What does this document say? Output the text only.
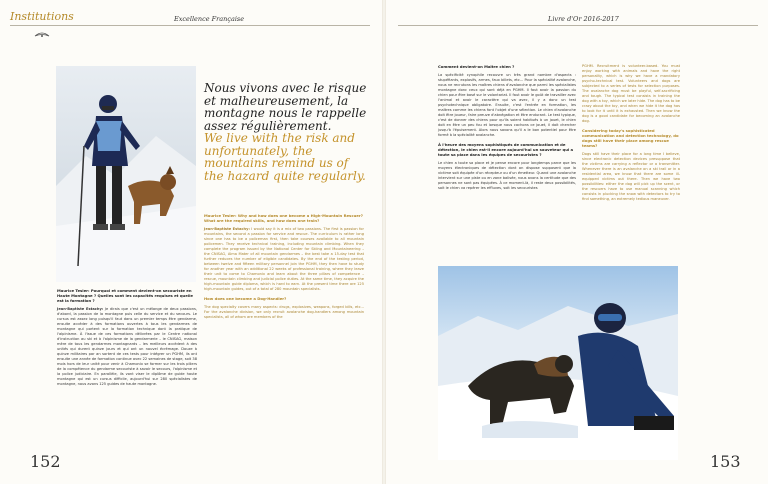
Institutions	Excellence Française	Livre d'Or 2016-2017
Nous vivons avec le risque et malheureusement, la montagne nous le rappelle assez régulièrement.
We live with the risk and unfortunately, the mountains remind us of the hazard quite regularly.
Maurice Tesler: Pourquoi et comment devient-on secouriste en Haute Montagne ? Quelles sont les capacités requises et quelle est la formation ?
Jean-Baptiste Estachy: Je dirais que c'est un mélange de deux passions, d'abord, la passion de la montagne puis celle du service et du secours. Le cursus est assez long puisqu'il faut dans un premier temps être gendarme, ensuite accéder à des formations ouvertes à tous les gendarmes de montagne qui portent sur la formation technique dont la pratique de l'alpinisme. À l'issue de ces formations délivrées par le Centre national d'instruction au ski et à l'alpinisme de la gendarmerie – le CNISAG, maison mère de tous les gendarmes montagnards – les meilleurs accèdent à des unités qui durent quinze jours et qui ont un nouvel écrémage. Douze à quinze militaires par an sortent de ces tests pour intégrer un PGHM, ils ont ensuite une année de formation continue avec 22 semaines de stage, soit 38 mois hors de leur unité pour venir à Chamonix se former sur les trois piliers de la compétence du gendarme secouriste à savoir le secours, l'alpinisme et la police judiciaire. En parallèle, ils vont viser le diplôme de guide haute montagne qui est un cursus difficile, aujourd'hui sur 280 spécialistes de montagne, nous avons 125 guides de haute montagne.
Maurice Tesler: Why and how does one become a High-Mountain Rescuer? What are the required skills, and how does one train?
Jean-Baptiste Estachy: I would say it is a mix of two passions. The first is passion for mountains, the second a passion for service and rescue. The curriculum is rather long since one has to be a policeman first, then take courses available to all mountain policemen. They receive technical training, including mountain climbing. When they complete the program issued by the National Center for Skiing and Mountaineering – the CNISAG, Alma Mater of all mountain gendarmes – the best take a 15-day test that further reduces the number of eligible candidates. By the end of the testing period, between twelve and fifteen military personnel join the PGHM, they then have to study for another year with an additional 22 weeks of professional training, where they leave their unit to come to Chamonix and learn about the three pillars of competence – rescue, mountain climbing and judicial police duties. At the same time, they acquire the high-mountain guide diploma, which is hard to earn. At the present time there are 125 high-mountain guides, out of a total of 280 mountain specialists.
How does one become a Dog-Handler?
The dog specialty covers many aspects: drugs, explosives, weapons, forged bills, etc... For the avalanche division, we only recruit avalanche dog-handlers among mountain specialists, all of whom are members of the
Comment devient-on Maître chien ?
La spécificité cynophile recouvre un très grand nombre d'aspects : stupéfiants, explosifs, armes, faux billets, etc... Pour la spécialité avalanche, nous ne recrutons les maîtres chiens d'avalanche que parmi les spécialistes montagne donc ceux qui sont déjà en PGHM. Il faut avoir la passion du chien pour être basé sur le volontariat. Il faut avoir le goût de travailler avec l'animal et avoir le caractère qui va avec, il y a donc un test psychotechnique obligatoire. Ensuite, c'est l'entrée en formation, les maîtres comme les chiens font l'objet d'une sélection. Le chien d'avalanche doit être joueur, faire preuve d'abnégation et être endurant. Le test typique, c'est de donner des chiens pour qu'ils soient habitués à un jouet, le chien doit en être un peu fou et lorsque nous cachons ce jouet, il doit chercher jusqu'à l'épuisement. Alors nous savons qu'il a le bon potentiel pour être formé à la spécialité avalanche.
À l'heure des moyens sophistiqués de communication et de détection, le chien est-il encore aujourd'hui un sauveteur qui a toute sa place dans les équipes de secouristes ?
Le chien a toute sa place et je pense encore pour longtemps parce que les moyens électroniques de détection dont on dispose supposent que la victime soit équipée d'un récepteur ou d'un émetteur. Quand une avalanche intervient sur une piste ou en zone balisée, nous avons la certitude que des personnes ne sont pas équipées. À ce moment-là, il reste deux possibilités, soit le chien va repérer les effluves, soit les secouristes
PGHM. Recruitment is volunteer-based. You must enjoy working with animals and have the right personality, which is why we have a mandatory psycho-technical test. Volunteers and dogs are subjected to a series of tests for selection purposes. The avalanche dog must be playful, self-sacrificing and tough. The typical test consists in training the dog with a toy, which we later hide. The dog has to be crazy about the toy, and when we hide it the dog has to look for it until it is exhausted. Then we know the dog is a good candidate for becoming an avalanche dog.
Considering today's sophisticated communication and detection technology, do dogs still have their place among rescue teams?
Dogs still have their place for a long time I believe, since electronic detection devices presuppose that the victims are carrying a reflector or a transmitter. Whenever there is an avalanche on a ski trail or in a residential area, we know that there are some ill-equipped victims out there. Then we have two possibilities: either the dog will pick up the scent, or the rescuers have to use manual scanning which consists in plucking the snow with detectors to try to find something, an extremely tedious maneuver.
152	153
